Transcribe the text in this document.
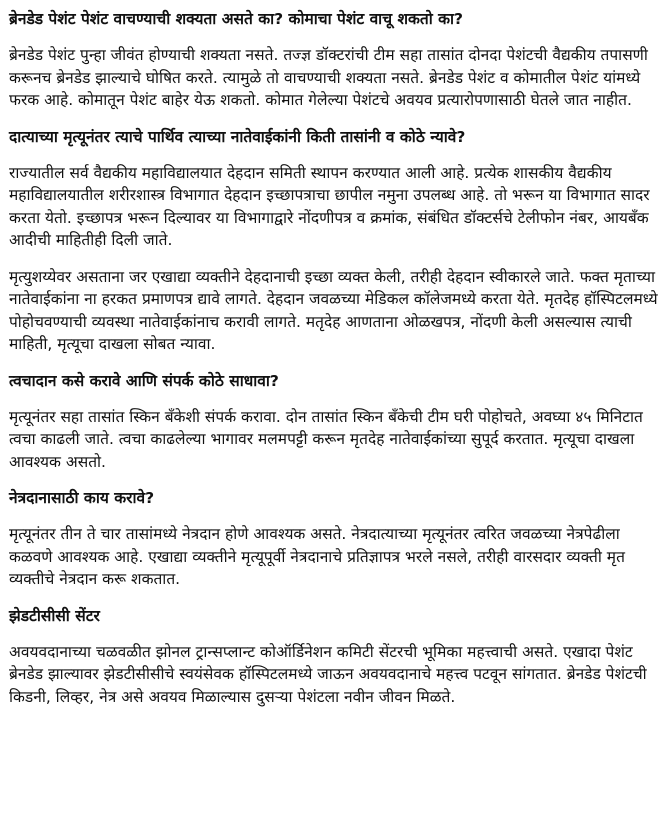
ब्रेनडेड पेशंट पेशंट वाचण्याची शक्यता असते का? कोमाचा पेशंट वाचू शकतो का?

ब्रेनडेड पेशंट पुन्हा जीवंत होण्याची शक्यता नसते. तज्ज्ञ डॉक्टरांची टीम सहा तासांत दोनदा पेशंटची वैद्यकीय तपासणी करूनच ब्रेनडेड झाल्याचे घोषित करते. त्यामुळे तो वाचण्याची शक्यता नसते. ब्रेनडेड पेशंट व कोमातील पेशंट यांमध्ये फरक आहे. कोमातून पेशंट बाहेर येऊ शकतो. कोमात गेलेल्या पेशंटचे अवयव प्रत्यारोपणासाठी घेतले जात नाहीत.

दात्याच्या मृत्यूनंतर त्याचे पार्थिव त्याच्या नातेवाईकांनी किती तासांनी व कोठे न्यावे?

राज्यातील सर्व वैद्यकीय महाविद्यालयात देहदान समिती स्थापन करण्यात आली आहे. प्रत्येक शासकीय वैद्यकीय महाविद्यालयातील शरीरशास्त्र विभागात देहदान इच्छापत्राचा छापील नमुना उपलब्ध आहे. तो भरून या विभागात सादर करता येतो. इच्छापत्र भरून दिल्यावर या विभागाद्वारे नोंदणीपत्र व क्रमांक, संबंधित डॉक्टर्सचे टेलीफोन नंबर, आयबँक आदीची माहितीही दिली जाते.

मृत्युशय्येवर असताना जर एखाद्या व्यक्तीने देहदानाची इच्छा व्यक्त केली, तरीही देहदान स्वीकारले जाते. फक्त मृताच्या नातेवाईकांना ना हरकत प्रमाणपत्र द्यावे लागते. देहदान जवळच्या मेडिकल कॉलेजमध्ये करता येते. मृतदेह हॉस्पिटलमध्ये पोहोचवण्याची व्यवस्था नातेवाईकांनाच करावी लागते. मतृदेह आणताना ओळखपत्र, नोंदणी केली असल्यास त्याची माहिती, मृत्यूचा दाखला सोबत न्यावा.

त्वचादान कसे करावे आणि संपर्क कोठे साधावा?

मृत्यूनंतर सहा तासांत स्किन बँकेशी संपर्क करावा. दोन तासांत स्किन बँकेची टीम घरी पोहोचते, अवघ्या ४५ मिनिटात त्वचा काढली जाते. त्वचा काढलेल्या भागावर मलमपट्टी करून मृतदेह नातेवाईकांच्या सुपूर्द करतात. मृत्यूचा दाखला आवश्यक असतो.

नेत्रदानासाठी काय करावे?

मृत्यूनंतर तीन ते चार तासांमध्ये नेत्रदान होणे आवश्यक असते. नेत्रदात्याच्या मृत्यूनंतर त्वरित जवळच्या नेत्रपेढीला कळवणे आवश्यक आहे. एखाद्या व्यक्तीने मृत्यूपूर्वी नेत्रदानाचे प्रतिज्ञापत्र भरले नसले, तरीही वारसदार व्यक्ती मृत व्यक्तीचे नेत्रदान करू शकतात.

झेडटीसीसी सेंटर

अवयवदानाच्या चळवळीत झोनल ट्रान्सप्लान्ट कोऑर्डिनेशन कमिटी सेंटरची भूमिका महत्त्वाची असते. एखादा पेशंट ब्रेनडेड झाल्यावर झेडटीसीसीचे स्वयंसेवक हॉस्पिटलमध्ये जाऊन अवयवदानाचे महत्त्व पटवून सांगतात. ब्रेनडेड पेशंटची किडनी, लिव्हर, नेत्र असे अवयव मिळाल्यास दुसऱ्या पेशंटला नवीन जीवन मिळते.
